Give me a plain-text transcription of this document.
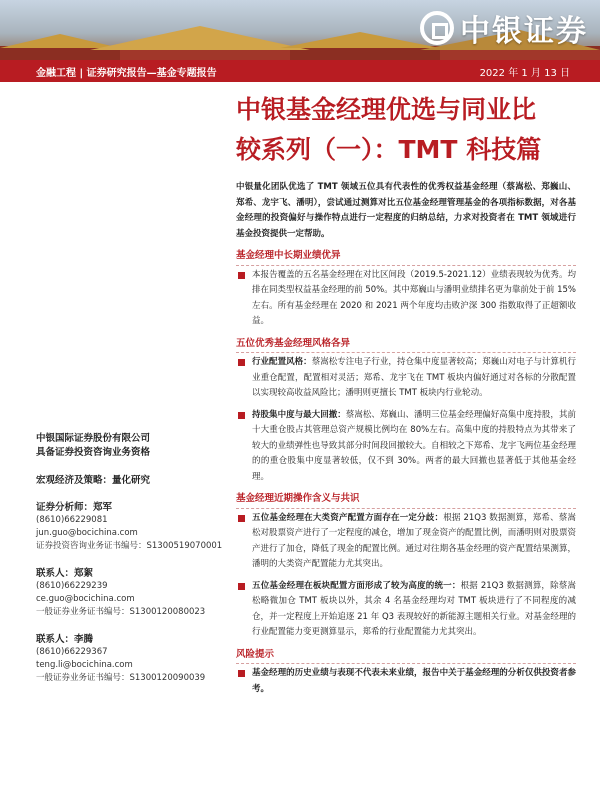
中银证券
金融工程 | 证券研究报告—基金专题报告	2022 年 1 月 13 日
中银基金经理优选与同业比
较系列（一）：TMT 科技篇

中银量化团队优选了 TMT 领域五位具有代表性的优秀权益基金经理（蔡嵩松、郑巍山、郑希、龙宇飞、潘明），尝试通过测算对比五位基金经理管理基金的各项指标数据，对各基金经理的投资偏好与操作特点进行一定程度的归纳总结，力求对投资者在 TMT 领域进行基金投资提供一定帮助。

基金经理中长期业绩优异
本报告覆盖的五名基金经理在对比区间段（2019.5-2021.12）业绩表现较为优秀。均排在同类型权益基金经理的前 50%。其中郑巍山与潘明业绩排名更为靠前处于前 15%左右。所有基金经理在 2020 和 2021 两个年度均击败沪深 300 指数取得了正超额收益。
五位优秀基金经理风格各异
行业配置风格：蔡嵩松专注电子行业，持仓集中度显著较高；郑巍山对电子与计算机行业重仓配置，配置相对灵活；郑希、龙宇飞在 TMT 板块内偏好通过对各标的分散配置以实现较高收益风险比；潘明则更擅长 TMT 板块内行业轮动。
持股集中度与最大回撤：蔡嵩松、郑巍山、潘明三位基金经理偏好高集中度持股，其前十大重仓股占其管理总资产规模比例均在 80%左右。高集中度的持股特点为其带来了较大的业绩弹性也导致其部分时间段回撤较大。自相较之下郑希、龙宇飞两位基金经理的的重仓股集中度显著较低，仅不到 30%。两者的最大回撤也显著低于其他基金经理。
基金经理近期操作含义与共识
五位基金经理在大类资产配置方面存在一定分歧：根据 21Q3 数据测算，郑希、蔡嵩松对股票资产进行了一定程度的减仓，增加了现金资产的配置比例，而潘明则对股票资产进行了加仓，降低了现金的配置比例。通过对往期各基金经理的资产配置结果测算，潘明的大类资产配置能力尤其突出。
五位基金经理在板块配置方面形成了较为高度的统一：根据 21Q3 数据测算，除蔡嵩松略微加仓 TMT 板块以外，其余 4 名基金经理均对 TMT 板块进行了不同程度的减仓，并一定程度上开始追逐 21 年 Q3 表现较好的新能源主题相关行业。对基金经理的行业配置能力变更测算显示，郑希的行业配置能力尤其突出。
风险提示
基金经理的历史业绩与表现不代表未来业绩，报告中关于基金经理的分析仅供投资者参考。
中银国际证券股份有限公司
具备证券投资咨询业务资格
宏观经济及策略：量化研究
证券分析师：郑军
(8610)66229081
jun.guo@bocichina.com
证券投资咨询业务证书编号：S1300519070001
联系人：郑絮
(8610)66229239
ce.guo@bocichina.com
一般证券业务证书编号：S1300120080023
联系人：李腾
(8610)66229367
teng.li@bocichina.com
一般证券业务证书编号：S1300120090039
